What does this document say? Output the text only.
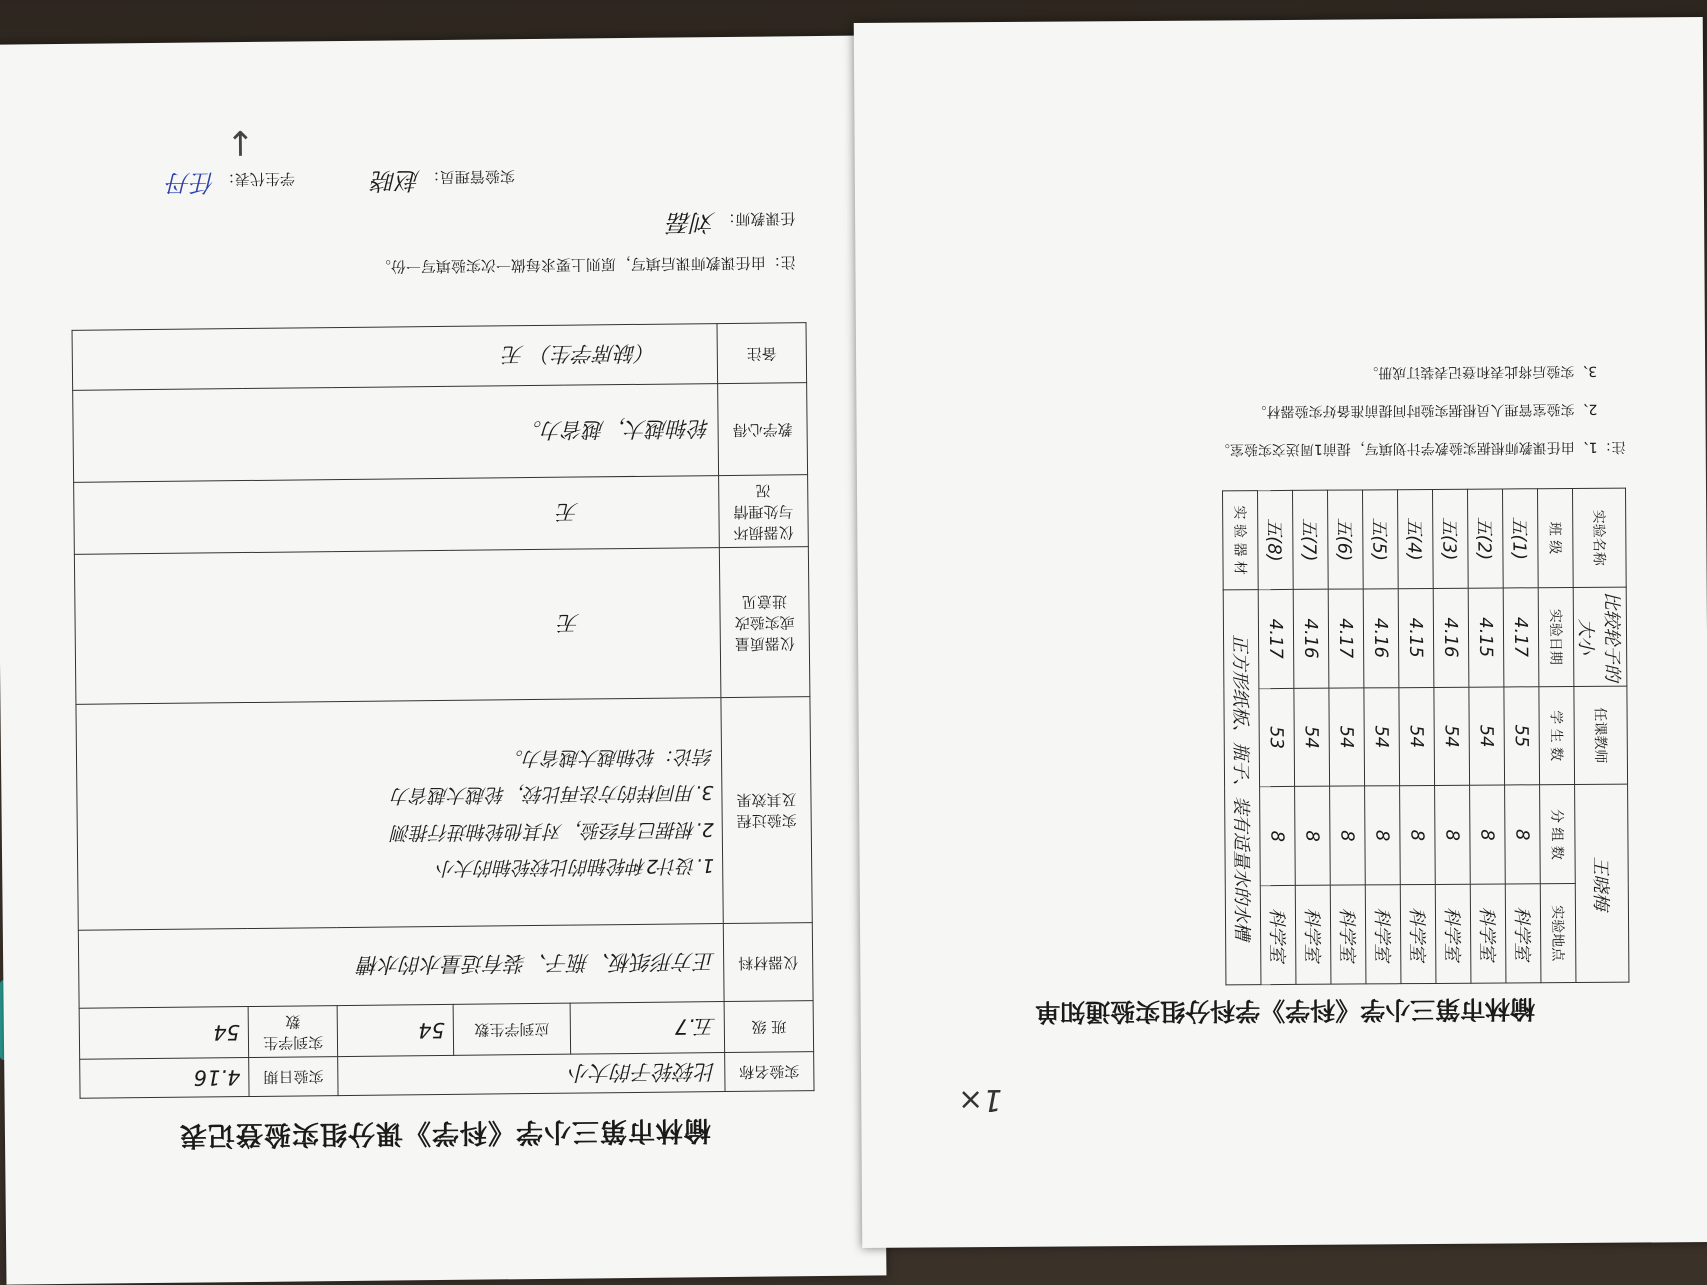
榆林市第三小学《科学》课分组实验登记表
实验名称	比较轮子的大小			实验日期	4.16
班 级	五.7	应到学生数	54	实到学生数	54
仪器材料	正方形纸板、瓶子、装有适量水的水槽				
实验过程及其效果	1.设计2种轮轴的比较轮轴的大小
2.根据已有经验，对其他轮轴进行推测
3.用同样的方法再比较，轮越大越省力
结论：轮轴越大越省力。				

仪器质量或实验改进意见	无				
仪器损坏与处理情况	无				
教学心得	轮轴越大，越省力。				
备注	（缺席学生） 无				
注：由任课教师课后填写，原则上要求每做一次实验填写一份。
任课教师： 刘磊
实验管理员： 赵晓
学生代表： 任丹
↓
榆林市第三小学《科学》学科分组实验通知单
实验名称	比较轮子的大小	任课教师	王晓梅	
班 级	实验日期	学 生 数	分 组 数	实验地点
五(1)	4.17	55	8	科学室
五(2)	4.15	54	8	科学室
五(3)	4.16	54	8	科学室
五(4)	4.15	54	8	科学室
五(5)	4.16	54	8	科学室
五(6)	4.17	54	8	科学室
五(7)	4.16	54	8	科学室
五(8)	4.17	53	8	科学室
实 验 器 材	正方形纸板、瓶子、装有适量水的水槽			
注：1、由任课教师根据实验教学计划填写，提前1周送交实验室。
2、实验室管理人员根据实验时间提前准备好实验器材。
3、实验后将此表和登记表装订成册。
1×
